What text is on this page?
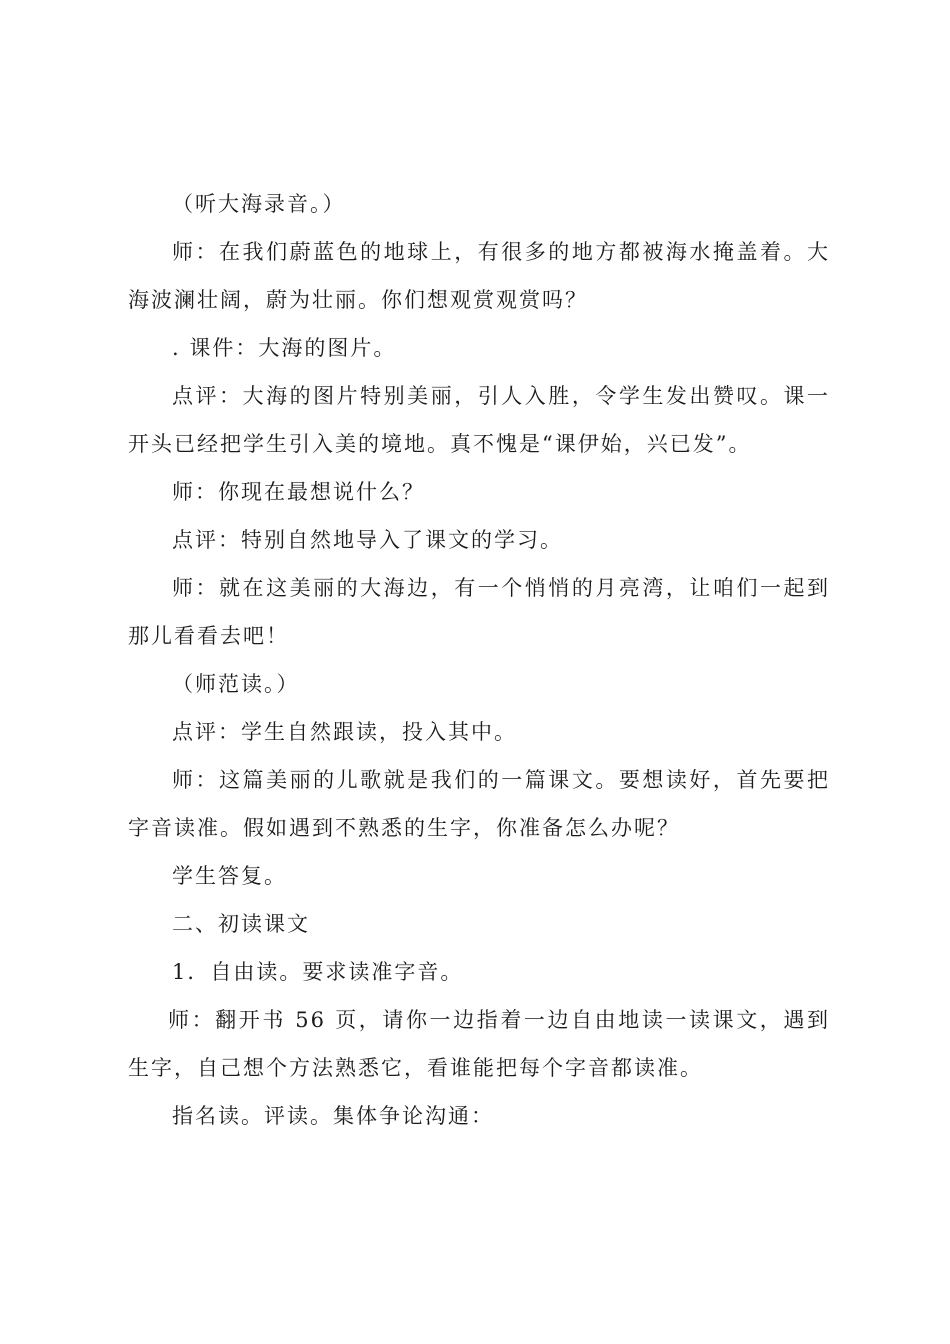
（听大海录音。）

师：在我们蔚蓝色的地球上，有很多的地方都被海水掩盖着。大海波澜壮阔，蔚为壮丽。你们想观赏观赏吗？

. 课件：大海的图片。

点评：大海的图片特别美丽，引人入胜，令学生发出赞叹。课一开头已经把学生引入美的境地。真不愧是“课伊始，兴已发”。

师：你现在最想说什么？

点评：特别自然地导入了课文的学习。

师：就在这美丽的大海边，有一个悄悄的月亮湾，让咱们一起到那儿看看去吧！

（师范读。）

点评：学生自然跟读，投入其中。

师：这篇美丽的儿歌就是我们的一篇课文。要想读好，首先要把字音读准。假如遇到不熟悉的生字，你准备怎么办呢？

学生答复。

二、初读课文

1．自由读。要求读准字音。

师：翻开书 56 页，请你一边指着一边自由地读一读课文，遇到生字，自己想个方法熟悉它，看谁能把每个字音都读准。

指名读。评读。集体争论沟通：
